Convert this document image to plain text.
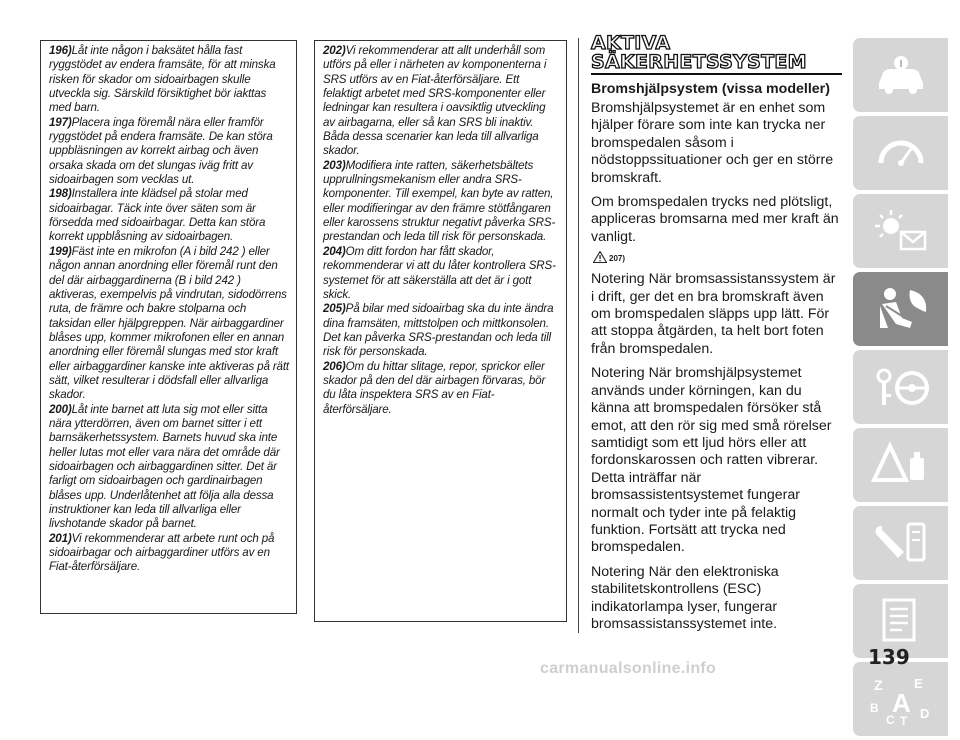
196)Låt inte någon i baksätet hålla fast ryggstödet av endera framsäte, för att minska risken för skador om sidoairbagen skulle utveckla sig. Särskild försiktighet bör iakttas med barn.

197)Placera inga föremål nära eller framför ryggstödet på endera framsäte. De kan störa uppbläsningen av korrekt airbag och även orsaka skada om det slungas iväg fritt av sidoairbagen som vecklas ut.

198)Installera inte klädsel på stolar med sidoairbagar. Täck inte över säten som är försedda med sidoairbagar. Detta kan störa korrekt uppblåsning av sidoairbagen.

199)Fäst inte en mikrofon (A i bild 242 ) eller någon annan anordning eller föremål runt den del där airbaggardinerna (B i bild 242 ) aktiveras, exempelvis på vindrutan, sidodörrens ruta, de främre och bakre stolparna och taksidan eller hjälpgreppen. När airbaggardiner blåses upp, kommer mikrofonen eller en annan anordning eller föremål slungas med stor kraft eller airbaggardiner kanske inte aktiveras på rätt sätt, vilket resulterar i dödsfall eller allvarliga skador.

200)Låt inte barnet att luta sig mot eller sitta nära ytterdörren, även om barnet sitter i ett barnsäkerhetssystem. Barnets huvud ska inte heller lutas mot eller vara nära det område där sidoairbagen och airbaggardinen sitter. Det är farligt om sidoairbagen och gardinairbagen blåses upp. Underlåtenhet att följa alla dessa instruktioner kan leda till allvarliga eller livshotande skador på barnet.

201)Vi rekommenderar att arbete runt och på sidoairbagar och airbaggardiner utförs av en Fiat-återförsäljare.

202)Vi rekommenderar att allt underhåll som utförs på eller i närheten av komponenterna i SRS utförs av en Fiat-återförsäljare. Ett felaktigt arbetet med SRS-komponenter eller ledningar kan resultera i oavsiktlig utveckling av airbagarna, eller så kan SRS bli inaktiv. Båda dessa scenarier kan leda till allvarliga skador.

203)Modifiera inte ratten, säkerhetsbältets upprullningsmekanism eller andra SRS-komponenter. Till exempel, kan byte av ratten, eller modifieringar av den främre stötfångaren eller karossens struktur negativt påverka SRS-prestandan och leda till risk för personskada.

204)Om ditt fordon har fått skador, rekommenderar vi att du låter kontrollera SRS-systemet för att säkerställa att det är i gott skick.

205)På bilar med sidoairbag ska du inte ändra dina framsäten, mittstolpen och mittkonsolen. Det kan påverka SRS-prestandan och leda till risk för personskada.

206)Om du hittar slitage, repor, sprickor eller skador på den del där airbagen förvaras, bör du låta inspektera SRS av en Fiat-återförsäljare.

AKTIVA
SÄKERHETSSYSTEM
Bromshjälpsystem (vissa modeller)

Bromshjälpsystemet är en enhet som hjälper förare som inte kan trycka ner bromspedalen såsom i nödstoppssituationer och ger en större bromskraft.

Om bromspedalen trycks ned plötsligt, appliceras bromsarna med mer kraft än vanligt.

207)

Notering När bromsassistanssystem är i drift, ger det en bra bromskraft även om bromspedalen släpps upp lätt. För att stoppa åtgärden, ta helt bort foten från bromspedalen.

Notering När bromshjälpsystemet används under körningen, kan du känna att bromspedalen försöker stå emot, att den rör sig med små rörelser samtidigt som ett ljud hörs eller att fordonskarossen och ratten vibrerar. Detta inträffar när bromsassistentsystemet fungerar normalt och tyder inte på felaktig funktion. Fortsätt att trycka ned bromspedalen.

Notering När den elektroniska stabilitetskontrollens (ESC) indikatorlampa lyser, fungerar bromsassistanssystemet inte.

Z E
B A
C T D
139
carmanualsonline.info
